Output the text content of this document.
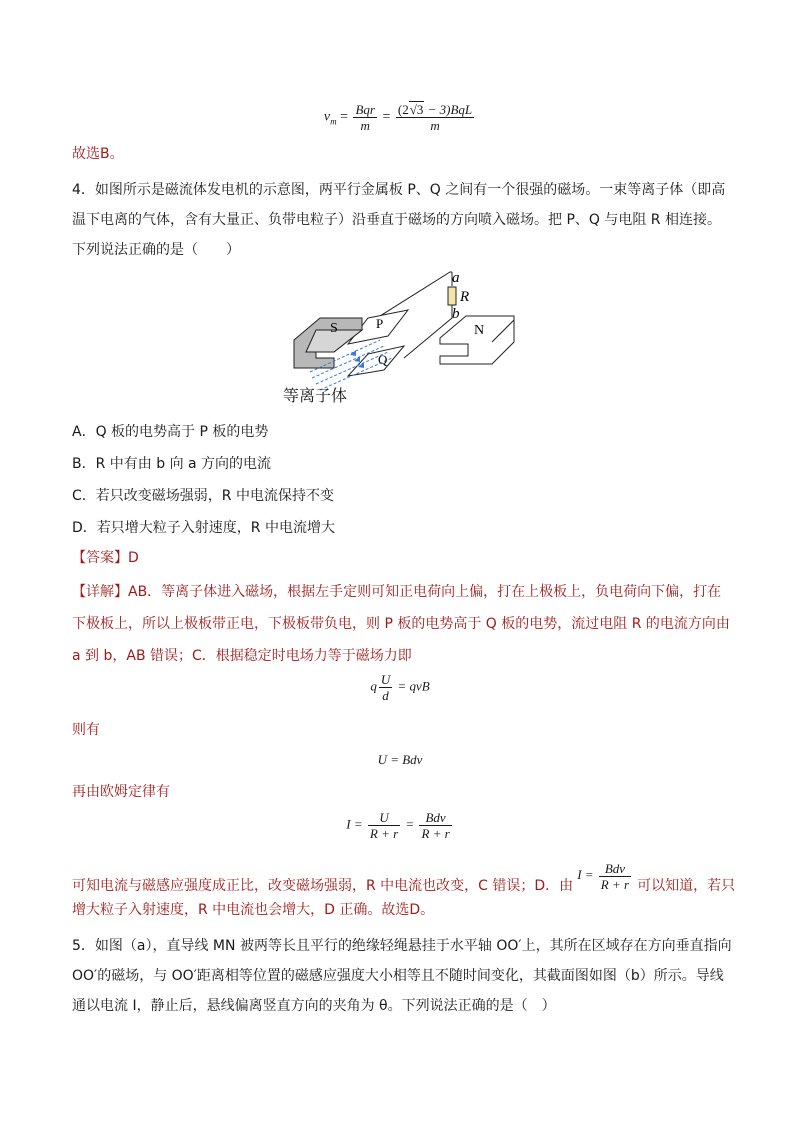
$v_m = \frac{\text{Bqr}}{m} = \frac{\text{(2√3 − 3)BqL}}{m}$
故选B。
4．如图所示是磁流体发电机的示意图，两平行金属板 P、Q 之间有一个很强的磁场。一束等离子体（即高
温下电离的气体，含有大量正、负带电粒子）沿垂直于磁场的方向喷入磁场。把 P、Q 与电阻 R 相连接。
下列说法正确的是（　　）
a
R
b
S	P
Q
N
等离子体
A．Q 板的电势高于 P 板的电势
B．R 中有由 b 向 a 方向的电流
C．若只改变磁场强弱，R 中电流保持不变
D．若只增大粒子入射速度，R 中电流增大
【答案】D
【详解】AB．等离子体进入磁场，根据左手定则可知正电荷向上偏，打在上极板上，负电荷向下偏，打在
下极板上，所以上极板带正电，下极板带负电，则 P 板的电势高于 Q 板的电势，流过电阻 R 的电流方向由
a 到 b，AB 错误；C．根据稳定时电场力等于磁场力即
q $\frac{U}{d}$ = qvB
则有
U = Bdv
再由欧姆定律有
$I = \frac{U}{R + r} = \frac{\text{Bdv}}{R + r}$
可知电流与磁感应强度成正比，改变磁场强弱，R 中电流也改变，C 错误；D．由$I = \frac{\text{Bdv}}{R + r}$ 可以知道，若只
增大粒子入射速度，R 中电流也会增大，D 正确。故选D。
5．如图（a），直导线 MN 被两等长且平行的绝缘轻绳悬挂于水平轴 OO′上，其所在区域存在方向垂直指向
OO′的磁场，与 OO′距离相等位置的磁感应强度大小相等且不随时间变化，其截面图如图（b）所示。导线
通以电流 I，静止后，悬线偏离竖直方向的夹角为 θ。下列说法正确的是（　）
